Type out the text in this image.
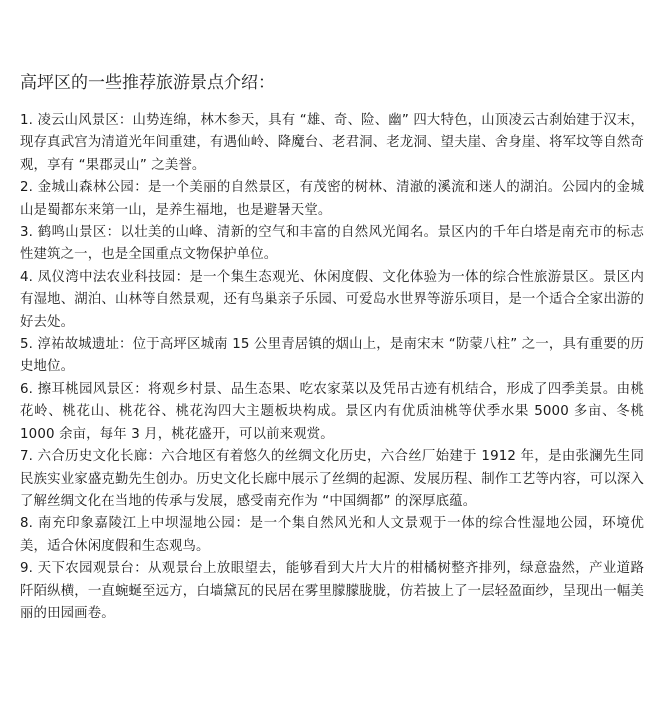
高坪区的一些推荐旅游景点介绍：

1. 凌云山风景区：山势连绵，林木参天，具有 “雄、奇、险、幽” 四大特色，山顶凌云古刹始建于汉末，现存真武宫为清道光年间重建，有遇仙岭、降魔台、老君洞、老龙洞、望夫崖、舍身崖、将军坟等自然奇观，享有 “果郡灵山” 之美誉。

2. 金城山森林公园：是一个美丽的自然景区，有茂密的树林、清澈的溪流和迷人的湖泊。公园内的金城山是蜀都东来第一山，是养生福地，也是避暑天堂。

3. 鹤鸣山景区：以壮美的山峰、清新的空气和丰富的自然风光闻名。景区内的千年白塔是南充市的标志性建筑之一，也是全国重点文物保护单位。

4. 凤仪湾中法农业科技园：是一个集生态观光、休闲度假、文化体验为一体的综合性旅游景区。景区内有湿地、湖泊、山林等自然景观，还有鸟巢亲子乐园、可爱岛水世界等游乐项目，是一个适合全家出游的好去处。

5. 淳祐故城遗址：位于高坪区城南 15 公里青居镇的烟山上，是南宋末 “防蒙八柱” 之一，具有重要的历史地位。

6. 擦耳桃园风景区：将观乡村景、品生态果、吃农家菜以及凭吊古迹有机结合，形成了四季美景。由桃花岭、桃花山、桃花谷、桃花沟四大主题板块构成。景区内有优质油桃等伏季水果 5000 多亩、冬桃 1000 余亩，每年 3 月，桃花盛开，可以前来观赏。

7. 六合历史文化长廊：六合地区有着悠久的丝绸文化历史，六合丝厂始建于 1912 年，是由张澜先生同民族实业家盛克勤先生创办。历史文化长廊中展示了丝绸的起源、发展历程、制作工艺等内容，可以深入了解丝绸文化在当地的传承与发展，感受南充作为 “中国绸都” 的深厚底蕴。

8. 南充印象嘉陵江上中坝湿地公园：是一个集自然风光和人文景观于一体的综合性湿地公园，环境优美，适合休闲度假和生态观鸟。

9. 天下农园观景台：从观景台上放眼望去，能够看到大片大片的柑橘树整齐排列，绿意盎然，产业道路阡陌纵横，一直蜿蜒至远方，白墙黛瓦的民居在雾里朦朦胧胧，仿若披上了一层轻盈面纱，呈现出一幅美丽的田园画卷。
